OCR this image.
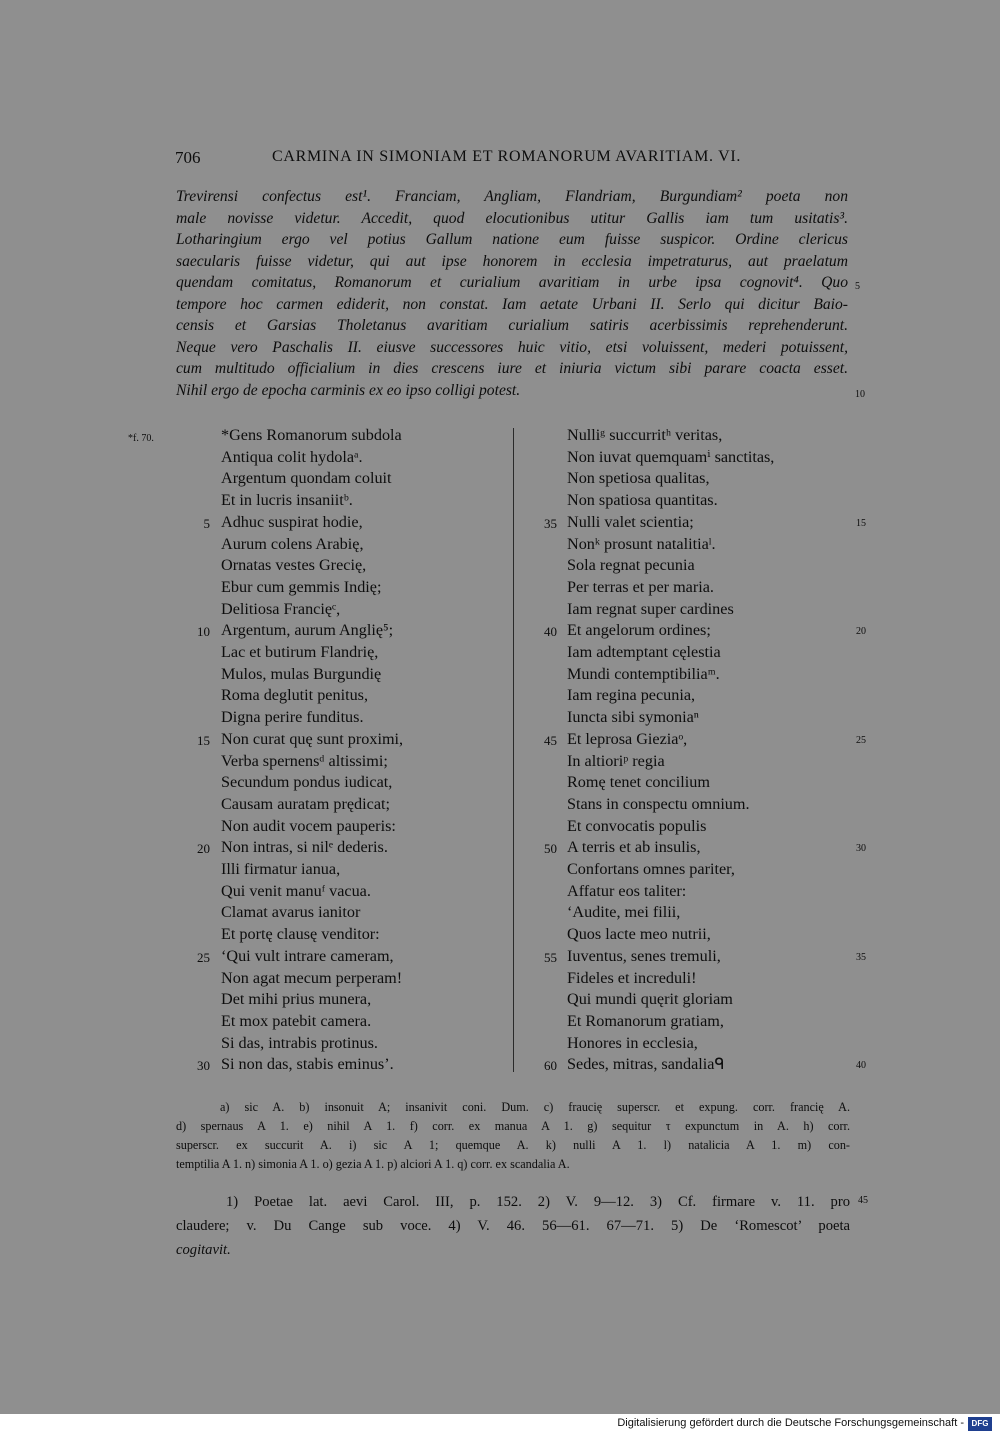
706	CARMINA IN SIMONIAM ET ROMANORUM AVARITIAM. VI.
Trevirensi confectus est¹. Franciam, Angliam, Flandriam, Burgundiam² poeta non
male novisse videtur. Accedit, quod elocutionibus utitur Gallis iam tum usitatis³.
Lotharingium ergo vel potius Gallum natione eum fuisse suspicor. Ordine clericus
saecularis fuisse videtur, qui aut ipse honorem in ecclesia impetraturus, aut praelatum
quendam comitatus, Romanorum et curialium avaritiam in urbe ipsa cognovit⁴. Quo
tempore hoc carmen ediderit, non constat. Iam aetate Urbani II. Serlo qui dicitur Baio-
censis et Garsias Tholetanus avaritiam curialium satiris acerbissimis reprehenderunt.
Neque vero Paschalis II. eiusve successores huic vitio, etsi voluissent, mederi potuissent,
cum multitudo officialium in dies crescens iure et iniuria victum sibi parare coacta esset.
Nihil ergo de epocha carminis ex eo ipso colligi potest.
5
10
*f. 70.	*Gens Romanorum subdola
Antiqua colit hydolaᵃ.
Argentum quondam coluit
Et in lucris insaniitᵇ.
Adhuc suspirat hodie,
Aurum colens Arabię,
Ornatas vestes Grecię,
Ebur cum gemmis Indię;
Delitiosa Francięᶜ,
Argentum, aurum Anglię⁵;
Lac et butirum Flandrię,
Mulos, mulas Burgundię
Roma deglutit penitus,
Digna perire funditus.
Non curat quę sunt proximi,
Verba spernensᵈ altissimi;
Secundum pondus iudicat,
Causam auratam prędicat;
Non audit vocem pauperis:
Non intras, si nilᵉ dederis.
Illi firmatur ianua,
Qui venit manuᶠ vacua.
Clamat avarus ianitor
Et portę clausę venditor:
‘Qui vult intrare cameram,
Non agat mecum perperam!
Det mihi prius munera,
Et mox patebit camera.
Si das, intrabis protinus.
Si non das, stabis eminus’.
5
10
15
20
25
30
Nulliᵍ succurritʰ veritas,
Non iuvat quemquamⁱ sanctitas,
Non spetiosa qualitas,
Non spatiosa quantitas.
Nulli valet scientia;
Nonᵏ prosunt natalitiaˡ.
Sola regnat pecunia
Per terras et per maria.
Iam regnat super cardines
Et angelorum ordines;
Iam adtemptant cęlestia
Mundi contemptibiliaᵐ.
Iam regina pecunia,
Iuncta sibi symoniaⁿ
Et leprosa Gieziaᵒ,
In altioriᵖ regia
Romę tenet concilium
Stans in conspectu omnium.
Et convocatis populis
A terris et ab insulis,
Confortans omnes pariter,
Affatur eos taliter:
‘Audite, mei filii,
Quos lacte meo nutrii,
Iuventus, senes tremuli,
Fideles et increduli!
Qui mundi quęrit gloriam
Et Romanorum gratiam,
Honores in ecclesia,
Sedes, mitras, sandaliaᑫ
35
40
45
50
55
60
15
20
25
30
35
40
a) sic A. b) insonuit A; insanivit coni. Dum. c) fraucię superscr. et expung. corr. francię A.
d) spernaus A 1. e) nihil A 1. f) corr. ex manua A 1. g) sequitur τ expunctum in A. h) corr.
superscr. ex succurit A. i) sic A 1; quemque A. k) nulli A 1. l) natalicia A 1. m) con-
temptilia A 1. n) simonia A 1. o) gezia A 1. p) alciori A 1. q) corr. ex scandalia A.
1) Poetae lat. aevi Carol. III, p. 152. 2) V. 9—12. 3) Cf. firmare v. 11. pro
claudere; v. Du Cange sub voce. 4) V. 46. 56—61. 67—71. 5) De ‘Romescot’ poeta
cogitavit.
45
Digitalisierung gefördert durch die Deutsche Forschungsgemeinschaft - DFG
